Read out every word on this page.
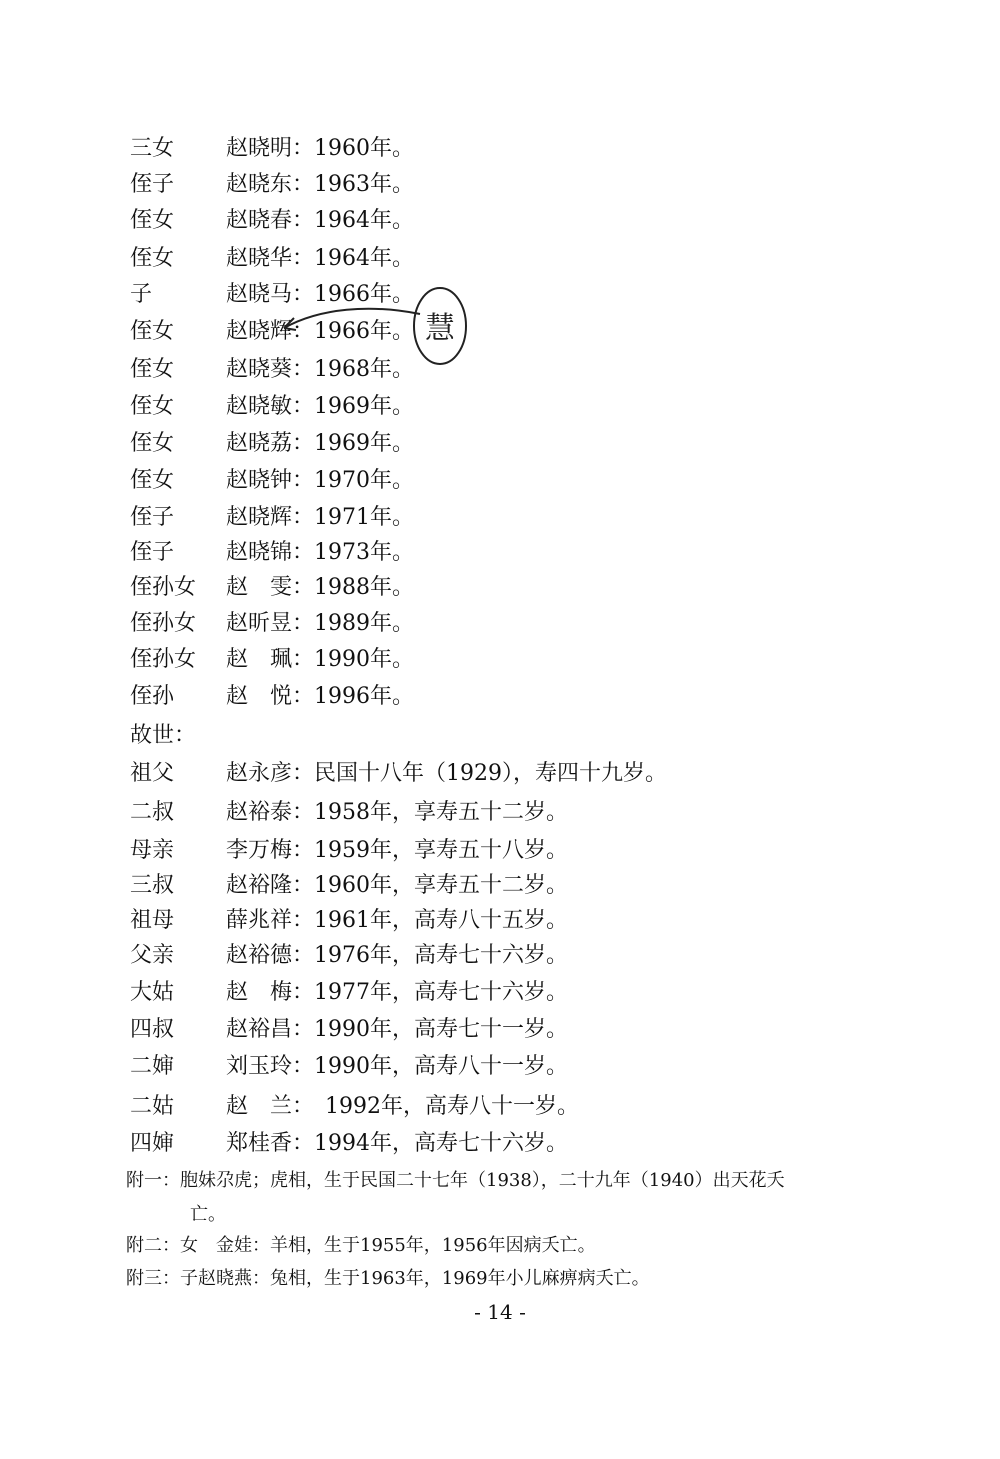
三女 赵晓明：1960年。
侄子 赵晓东：1963年。
侄女 赵晓春：1964年。
侄女 赵晓华：1964年。
子	赵晓马：1966年。
侄女 赵晓辉：1966年。
侄女 赵晓葵：1968年。
侄女 赵晓敏：1969年。
侄女 赵晓荔：1969年。
侄女 赵晓钟：1970年。
侄子 赵晓辉：1971年。
侄子 赵晓锦：1973年。
侄孙女 赵　雯：1988年。
侄孙女 赵昕昱：1989年。
侄孙女 赵　珮：1990年。
侄孙 赵　悦：1996年。
故世：
祖父 赵永彦：民国十八年（1929），寿四十九岁。
二叔 赵裕泰：1958年，享寿五十二岁。
母亲 李万梅：1959年，享寿五十八岁。
三叔 赵裕隆：1960年，享寿五十二岁。
祖母 薛兆祥：1961年，高寿八十五岁。
父亲 赵裕德：1976年，高寿七十六岁。
大姑 赵　梅：1977年，高寿七十六岁。
四叔 赵裕昌：1990年，高寿七十一岁。
二婶 刘玉玲：1990年，高寿八十一岁。
二姑 赵　兰：　1992年，高寿八十一岁。
四婶 郑桂香：1994年，高寿七十六岁。
附一：胞妹尕虎；虎相，生于民国二十七年（1938），二十九年（1940）出天花夭
亡。
附二：女　金娃：羊相，生于1955年，1956年因病夭亡。
附三：子赵晓燕：兔相，生于1963年，1969年小儿麻痹病夭亡。
- 14 -
慧
